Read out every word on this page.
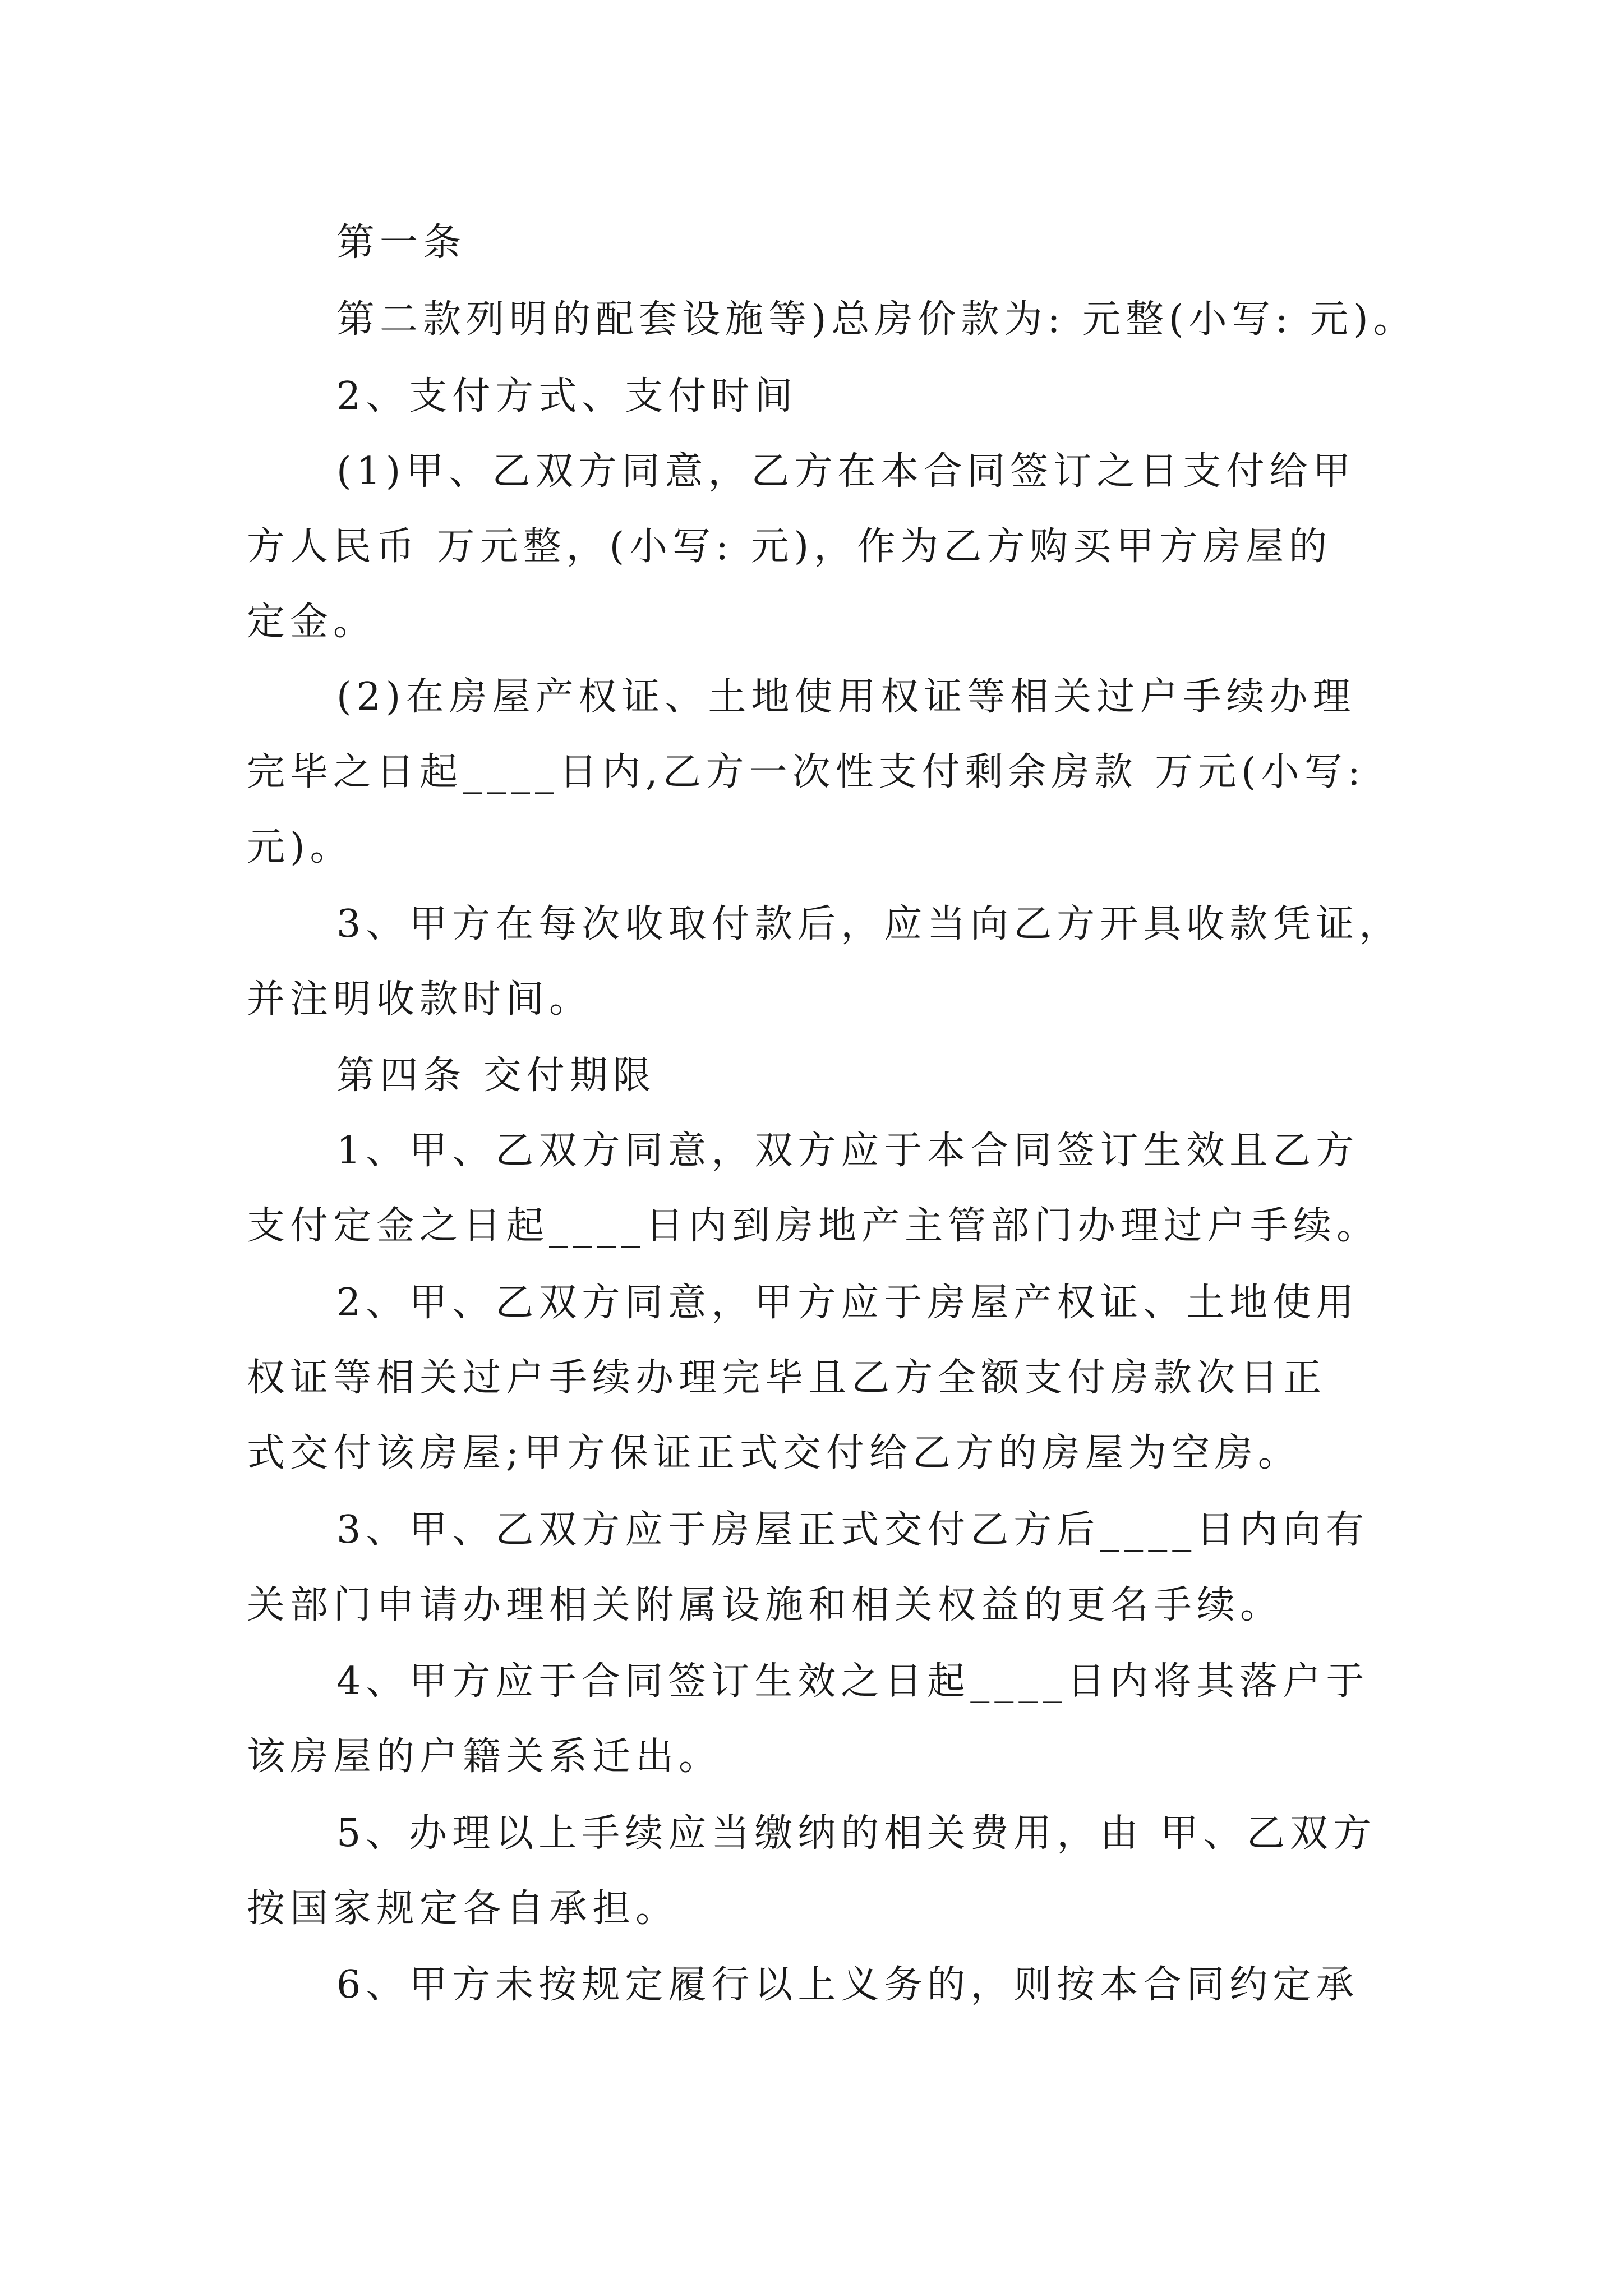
第一条
第二款列明的配套设施等)总房价款为: 元整(小写: 元)。
2、支付方式、支付时间
(1)甲、乙双方同意，乙方在本合同签订之日支付给甲
方人民币 万元整，(小写: 元)，作为乙方购买甲方房屋的
定金。
(2)在房屋产权证、土地使用权证等相关过户手续办理
完毕之日起____日内,乙方一次性支付剩余房款 万元(小写:
元)。
3、甲方在每次收取付款后，应当向乙方开具收款凭证，
并注明收款时间。
第四条 交付期限
1、甲、乙双方同意，双方应于本合同签订生效且乙方
支付定金之日起____日内到房地产主管部门办理过户手续。
2、甲、乙双方同意，甲方应于房屋产权证、土地使用
权证等相关过户手续办理完毕且乙方全额支付房款次日正
式交付该房屋;甲方保证正式交付给乙方的房屋为空房。
3、甲、乙双方应于房屋正式交付乙方后____日内向有
关部门申请办理相关附属设施和相关权益的更名手续。
4、甲方应于合同签订生效之日起____日内将其落户于
该房屋的户籍关系迁出。
5、办理以上手续应当缴纳的相关费用，由 甲、乙双方
按国家规定各自承担。
6、甲方未按规定履行以上义务的，则按本合同约定承
